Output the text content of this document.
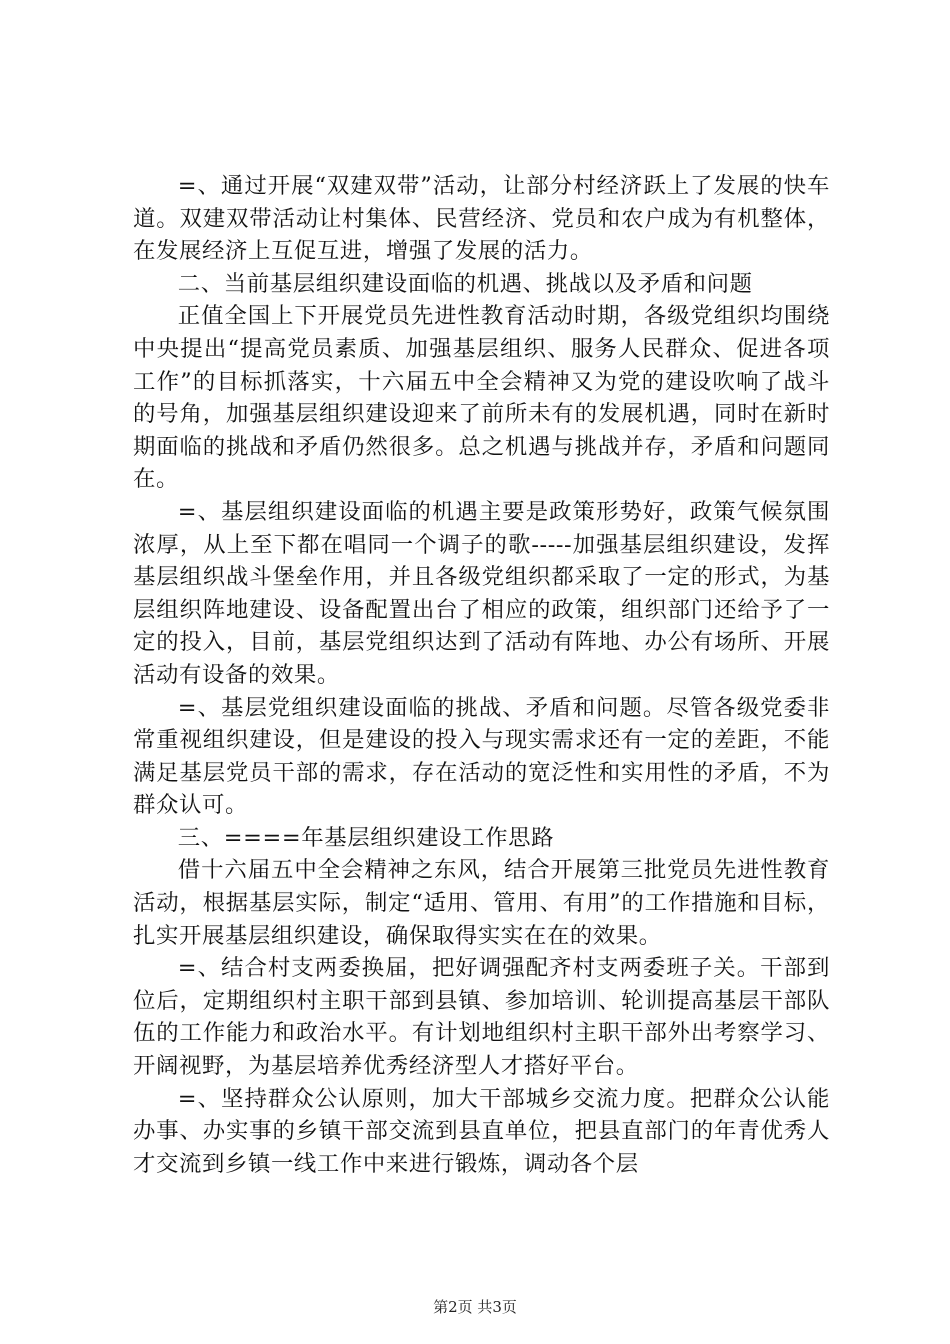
=、通过开展“双建双带”活动，让部分村经济跃上了发展的快车道。双建双带活动让村集体、民营经济、党员和农户成为有机整体，在发展经济上互促互进，增强了发展的活力。

二、当前基层组织建设面临的机遇、挑战以及矛盾和问题

正值全国上下开展党员先进性教育活动时期，各级党组织均围绕中央提出“提高党员素质、加强基层组织、服务人民群众、促进各项工作”的目标抓落实，十六届五中全会精神又为党的建设吹响了战斗的号角，加强基层组织建设迎来了前所未有的发展机遇，同时在新时期面临的挑战和矛盾仍然很多。总之机遇与挑战并存，矛盾和问题同在。

=、基层组织建设面临的机遇主要是政策形势好，政策气候氛围浓厚，从上至下都在唱同一个调子的歌-----加强基层组织建设，发挥基层组织战斗堡垒作用，并且各级党组织都采取了一定的形式，为基层组织阵地建设、设备配置出台了相应的政策，组织部门还给予了一定的投入，目前，基层党组织达到了活动有阵地、办公有场所、开展活动有设备的效果。

=、基层党组织建设面临的挑战、矛盾和问题。尽管各级党委非常重视组织建设，但是建设的投入与现实需求还有一定的差距，不能满足基层党员干部的需求，存在活动的宽泛性和实用性的矛盾，不为群众认可。

三、====年基层组织建设工作思路

借十六届五中全会精神之东风，结合开展第三批党员先进性教育活动，根据基层实际，制定“适用、管用、有用”的工作措施和目标，扎实开展基层组织建设，确保取得实实在在的效果。

=、结合村支两委换届，把好调强配齐村支两委班子关。干部到位后，定期组织村主职干部到县镇、参加培训、轮训提高基层干部队伍的工作能力和政治水平。有计划地组织村主职干部外出考察学习、开阔视野，为基层培养优秀经济型人才搭好平台。

=、坚持群众公认原则，加大干部城乡交流力度。把群众公认能办事、办实事的乡镇干部交流到县直单位，把县直部门的年青优秀人才交流到乡镇一线工作中来进行锻炼，调动各个层

第2页 共3页
